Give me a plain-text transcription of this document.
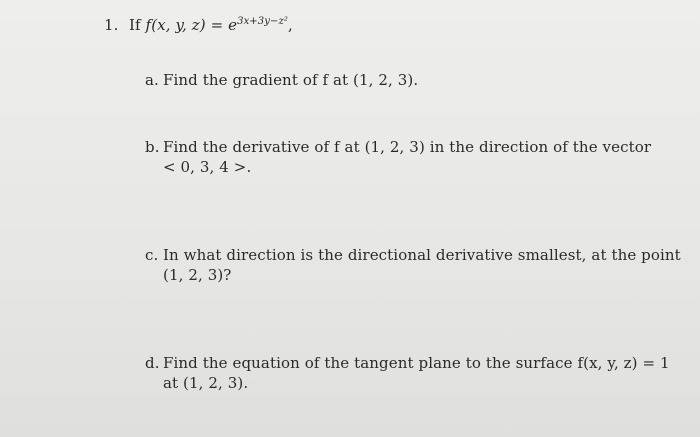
1. If f(x, y, $z) = e^{3x+3y-z^2}$,
a. Find the gradient of f at (1, 2, 3).
b. Find the derivative of f at (1, 2, 3) in the direction of the vector
< 0, 3, 4 >.
c. In what direction is the directional derivative smallest, at the point
(1, 2, 3)?
d. Find the equation of the tangent plane to the surface f(x, y, z) = 1
at (1, 2, 3).
